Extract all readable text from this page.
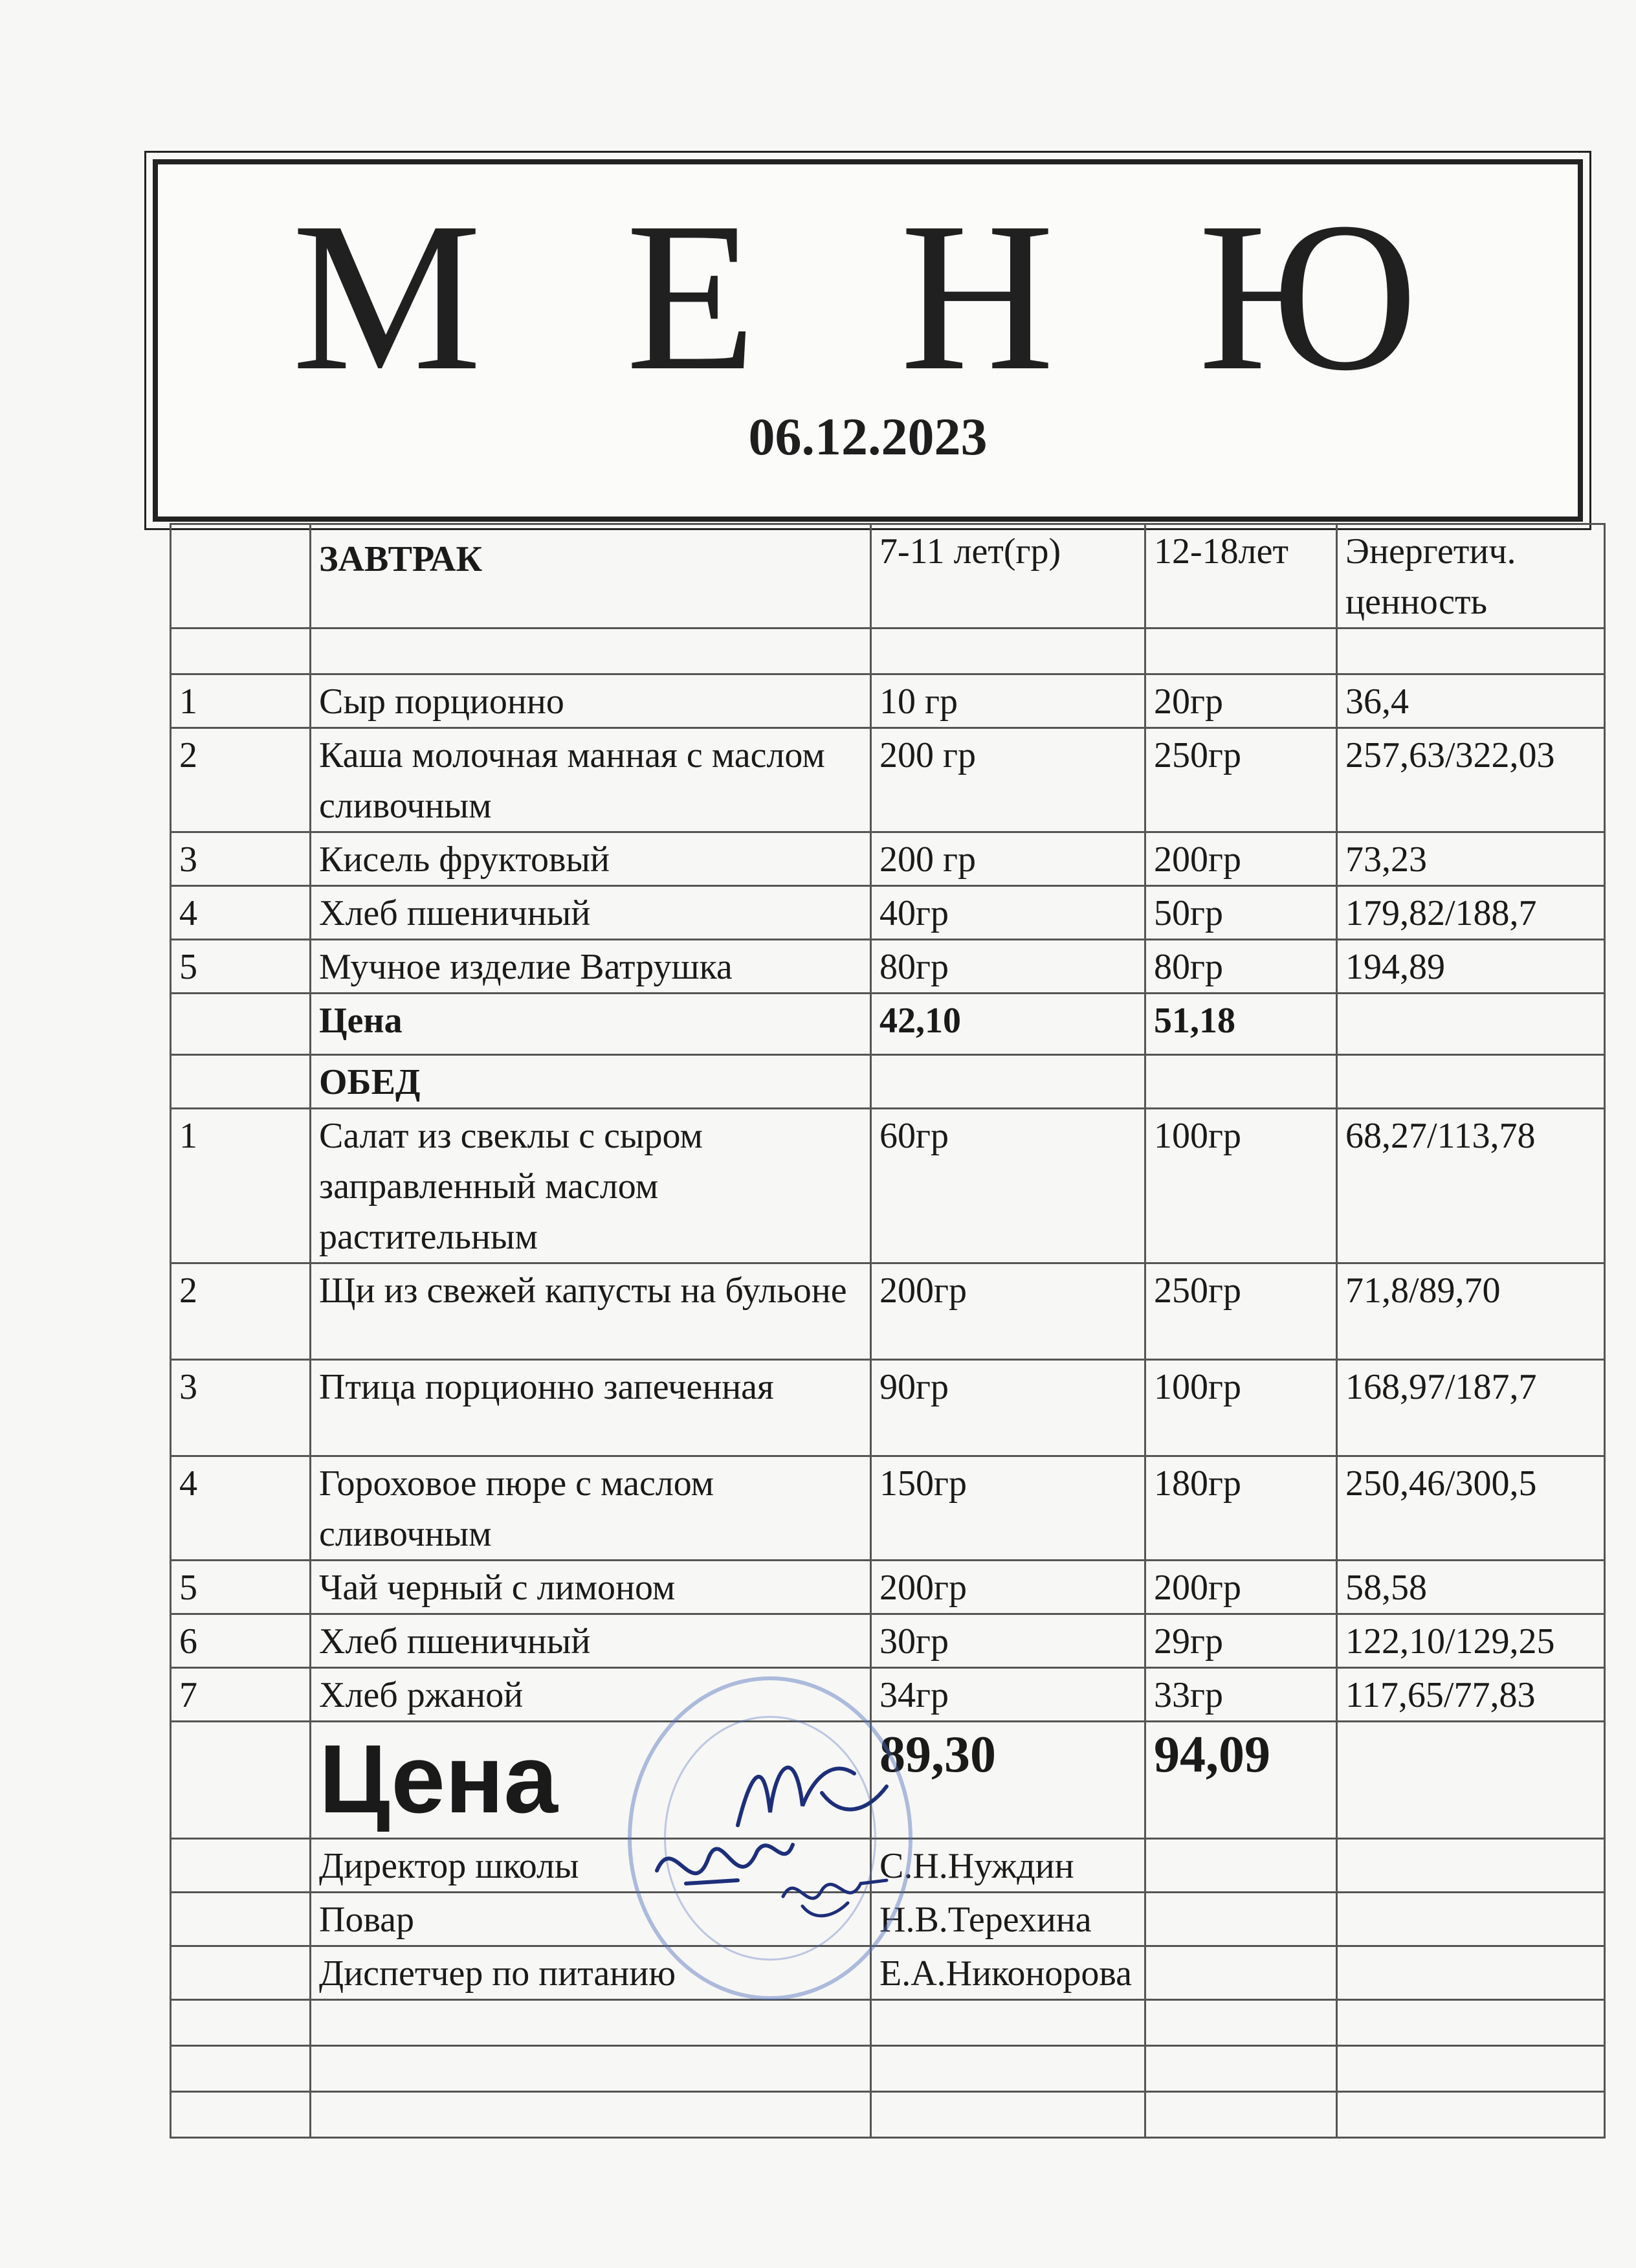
М Е Н Ю
06.12.2023
	ЗАВТРАК	7-11 лет(гр)	12-18лет	Энергетич. ценность

1	Сыр порционно	10 гр	20гр	36,4
2	Каша молочная манная с маслом сливочным	200 гр	250гр	257,63/322,03
3	Кисель фруктовый	200 гр	200гр	73,23
4	Хлеб пшеничный	40гр	50гр	179,82/188,7
5	Мучное изделие Ватрушка	80гр	80гр	194,89
	Цена	42,10	51,18	
	ОБЕД			
1	Салат из свеклы с сыром заправленный маслом растительным	60гр	100гр	68,27/113,78
2	Щи из свежей капусты на бульоне	200гр	250гр	71,8/89,70
3	Птица порционно запеченная	90гр	100гр	168,97/187,7
4	Гороховое пюре с маслом сливочным	150гр	180гр	250,46/300,5
5	Чай черный с лимоном	200гр	200гр	58,58
6	Хлеб пшеничный	30гр	29гр	122,10/129,25
7	Хлеб ржаной	34гр	33гр	117,65/77,83
	Цена	89,30	94,09	
	Директор школы	С.Н.Нуждин		
	Повар	Н.В.Терехина		
	Диспетчер по питанию	Е.А.Никонорова		
